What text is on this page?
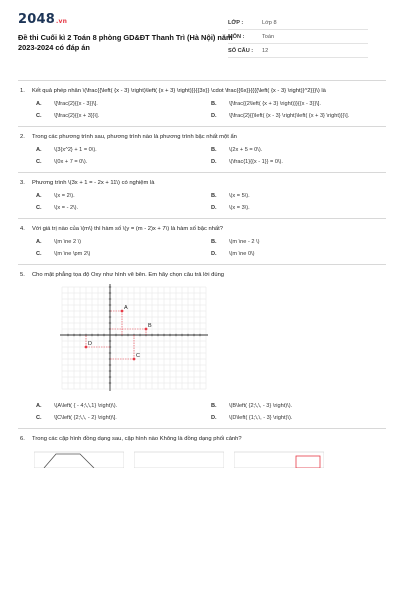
2048.vn
Đề thi Cuối kì 2 Toán 8 phòng GD&ĐT Thanh Trì (Hà Nội) năm 2023-2024 có đáp án
LỚP :	Lớp 8
MÔN :	Toán
SỐ CÂU :	12
1.	Kết quả phép nhân \(\frac{{\left( {x - 3} \right)\left( {x + 3} \right)}}{{3x}} \cdot \frac{{6x}}{{{{\left( {x - 3} \right)}^2}}}\) là
A.	\[\frac{2}{{x - 3}}\].	B.	\[\frac{{2\left( {x + 3} \right)}}{{x - 3}}\].
C.	\[\frac{2}{{x + 3}}\].	D.	\[\frac{2}{{\left( {x - 3} \right)\left( {x + 3} \right)}}\].
2.	Trong các phương trình sau, phương trình nào là phương trình bậc nhất một ẩn
A.	\(3{x^2} + 1 = 0\).	B.	\(2x + 5 = 0\).
C.	\(0x + 7 = 0\).	D.	\(\frac{1}{{x - 1}} = 0\).
3.	Phương trình \(3x + 1 = - 2x + 11\) có nghiệm là
A.	\(x = 2\).	B.	\(x = 5\).
C.	\(x = - 2\).	D.	\(x = 3\).
4.	Với giá trị nào của \(m\) thì hàm số \(y = (m - 2)x + 7\) là hàm số bậc nhất?
A.	\(m \ne 2 \)	B.	\(m \ne - 2 \)
C.	\(m \ne \pm 2\)	D.	\(m \ne 0\)
5.	Cho mặt phẳng tọa độ Oxy như hình vẽ bên. Em hãy chọn câu trả lời đúng
A
B
C
D
A.	\(A\left( { - 4;\,\,1} \right)\).	B.	\(B\left( {2;\,\, - 3} \right)\).
C.	\[C\left( {2;\,\, - 2} \right)\].	D.	\(D\left( {1;\,\, - 3} \right)\).
6.	Trong các cặp hình đồng dạng sau, cặp hình nào Không là đồng dạng phối cảnh?
